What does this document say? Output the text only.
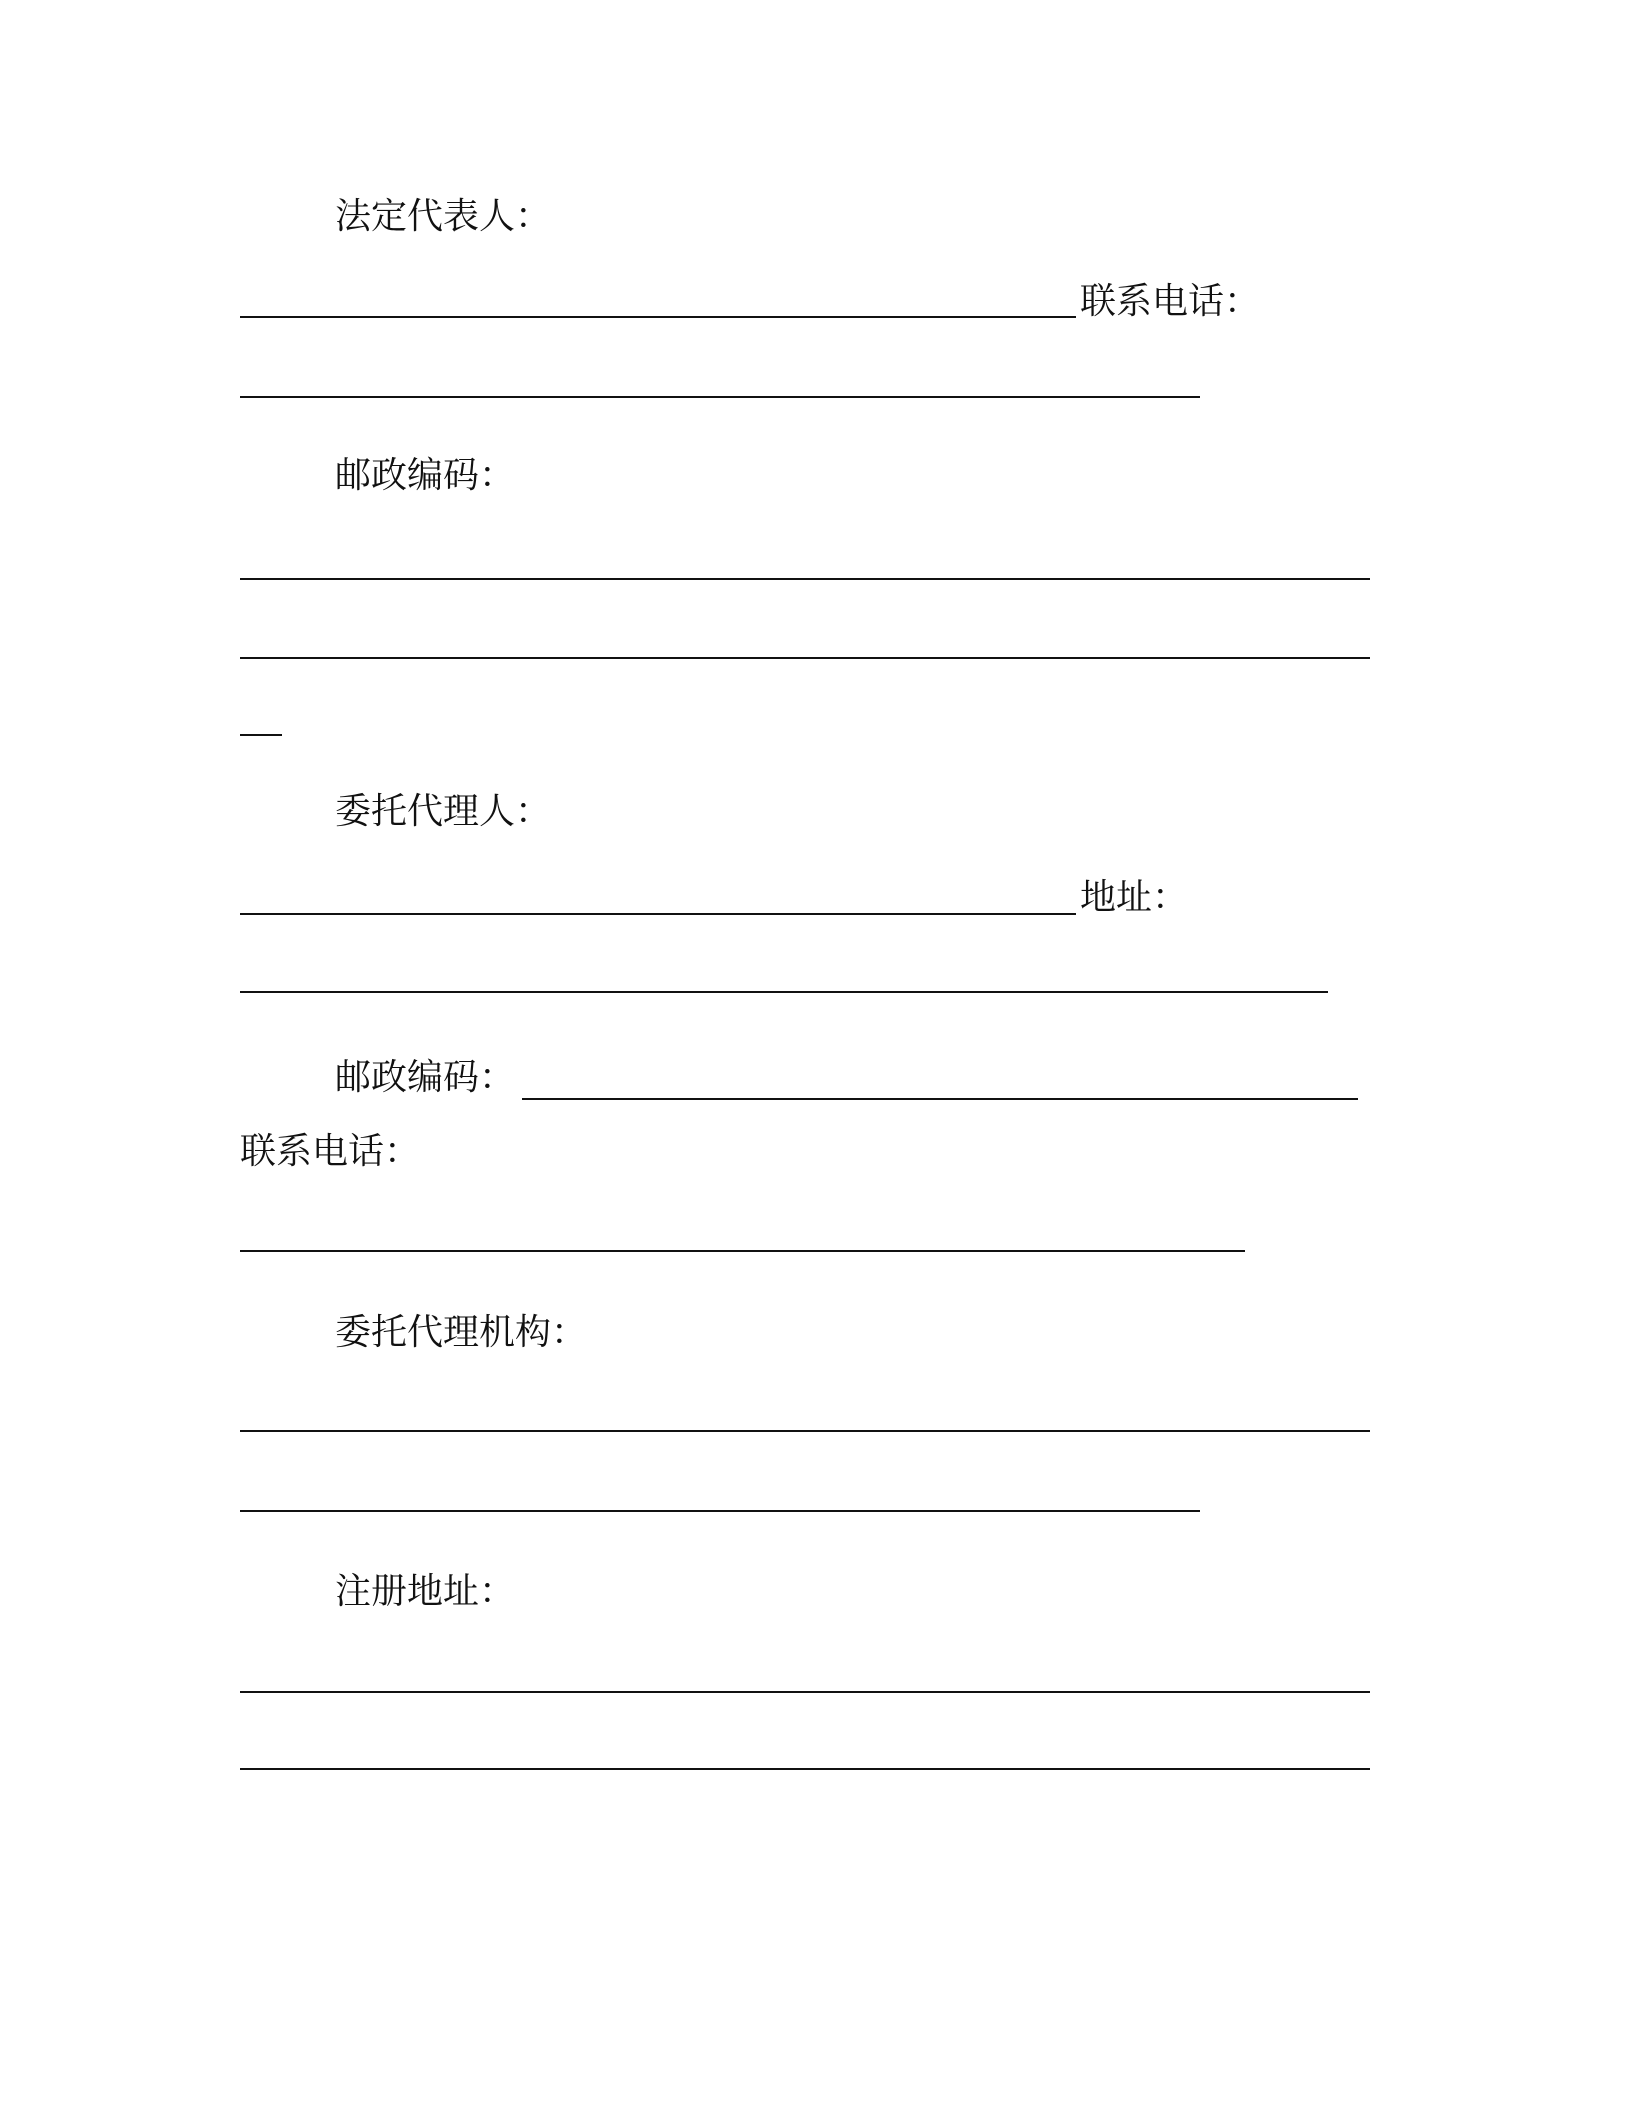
法定代表人：
联系电话：
邮政编码：
委托代理人：
地址：
邮政编码：
联系电话：
委托代理机构：
注册地址：
